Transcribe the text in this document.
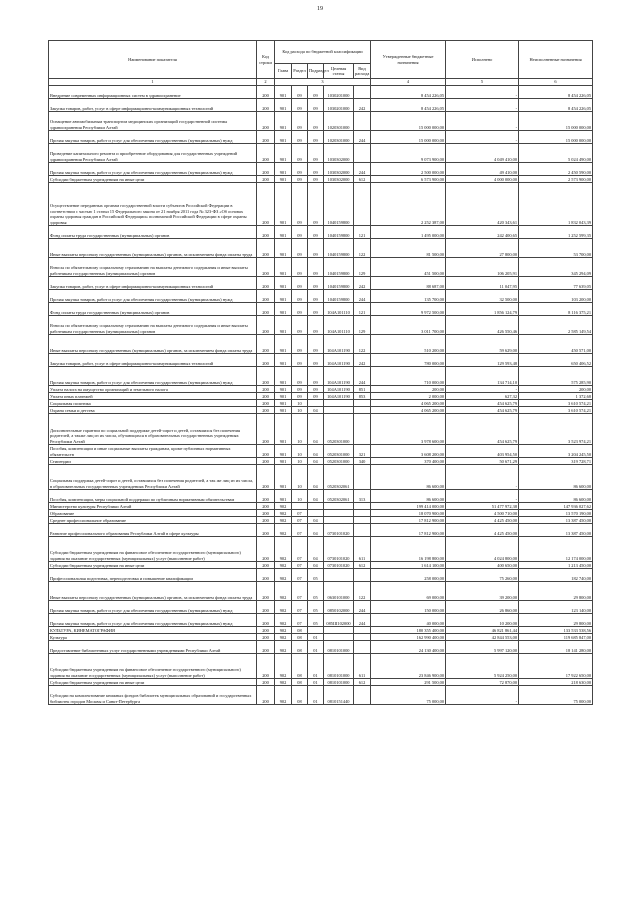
19
Наименование показателя	Код строки	Код расхода по бюджетной классификации					Утвержденные бюджетные назначения	Исполнено	Неисполненные назначения
		Глава	Раздел	Подраздел	Целевая статья	Вид расхода			
1	2	3					4	5	6
Внедрение современных информационных систем в здравоохранение	200	901	09	09	1030201000		8 454 226,05	-	8 454 226,05
Закупка товаров, работ, услуг в сфере информационно-коммуникационных технологий	200	901	09	09	1030201000	242	8 454 226,05	-	8 454 226,05
Оснащение автомобильным транспортом медицинских организаций государственной системы здравоохранения Республики Алтай	200	901	09	09	1020301000		15 000 000,00	-	15 000 000,00
Прочая закупка товаров, работ и услуг для обеспечения государственных (муниципальных) нужд	200	901	09	09	1020301000	244	15 000 000,00	-	15 000 000,00
Проведение капитального ремонта и приобретение оборудования для государственных учреждений здравоохранения Республики Алтай	200	901	09	09	1030302000		9 073 900,00	4 049 410,00	5 024 490,00
Прочая закупка товаров, работ и услуг для обеспечения государственных (муниципальных) нужд	200	901	09	09	1030302000	244	2 500 000,00	49 410,00	2 450 590,00
Субсидии бюджетным учреждениям на иные цели	200	901	09	09	1030302000	612	6 573 900,00	4 000 000,00	2 573 900,00
Осуществление переданных органам государственной власти субъектов Российской Федерации в соответствии с частью 1 статьи 15 Федерального закона от 21 ноября 2011 года № 323-ФЗ «Об основах охраны здоровья граждан в Российской Федерации» полномочий Российской Федерации в сфере охраны здоровья	200	901	09	09	1040159800		2 252 387,00	420 343,61	1 832 043,39
Фонд оплаты труда государственных (муниципальных) органов	200	901	09	09	1040159800	121	1 495 000,00	242 400,65	1 252 599,35
Иные выплаты персоналу государственных (муниципальных) органов, за исключением фонда оплаты труда	200	901	09	09	1040159800	122	81 500,00	27 800,00	53 700,00
Взносы по обязательному социальному страхованию на выплаты денежного содержания и иные выплаты работникам государственных (муниципальных) органов	200	901	09	09	1040159800	129	451 500,00	106 205,91	345 294,09
Закупка товаров, работ, услуг в сфере информационно-коммуникационных технологий	200	901	09	09	1040159800	242	88 687,00	11 047,95	77 639,05
Прочая закупка товаров, работ и услуг для обеспечения государственных (муниципальных) нужд	200	901	09	09	1040159800	244	135 700,00	32 500,00	103 200,00
Фонд оплаты труда государственных (муниципальных) органов	200	901	09	09	104А101110	121	9 972 500,00	1 856 124,79	8 116 375,21
Взносы по обязательному социальному страхованию на выплаты денежного содержания и иные выплаты работникам государственных (муниципальных) органов	200	901	09	09	104А101110	129	3 011 700,00	426 550,46	2 585 149,54
Иные выплаты персоналу государственных (муниципальных) органов, за исключением фонда оплаты труда	200	901	09	09	104А101190	122	510 200,00	59 629,00	450 571,00
Закупка товаров, работ, услуг в сфере информационно-коммуникационных технологий	200	901	09	09	104А101190	242	780 000,00	129 593,48	650 406,52
Прочая закупка товаров, работ и услуг для обеспечения государственных (муниципальных) нужд	200	901	09	09	104А101190	244	710 000,00	134 714,10	575 285,90
Уплата налога на имущество организаций и земельного налога	200	901	09	09	104А101190	851	200,00	-	200,00
Уплата иных платежей	200	901	09	09	104А101190	853	2 000,00	627,32	1 372,68
Социальная политика	200	901	10				4 065 200,00	454 625,79	3 610 574,21
Охрана семьи и детства	200	901	10	04			4 065 200,00	454 625,79	3 610 574,21
Дополнительные гарантии по социальной поддержке детей-сирот и детей, оставшихся без попечения родителей, а также лиц из их числа, обучающихся в образовательных государственных учреждениях Республики Алтай	200	901	10	04	0520301000		3 978 600,00	454 625,79	3 523 974,21
Пособия, компенсации и иные социальные выплаты гражданам, кроме публичных нормативных обязательств	200	901	10	04	0520301000	321	3 608 200,00	403 954,50	3 204 245,50
Стипендии	200	901	10	04	0520301000	340	370 400,00	50 671,29	319 728,71
Социальная поддержка детей-сирот и детей, оставшихся без попечения родителей, а так же лиц из их числа, в образовательных государственных учреждениях Республики Алтай	200	901	10	04	0520302061		86 600,00	-	86 600,00
Пособия, компенсации, меры социальной поддержки по публичным нормативным обязательствам	200	901	10	04	0520302061	313	86 600,00	-	86 600,00
Министерство культуры Республики Алтай	200	902					199 414 000,00	51 477 972,38	147 936 027,62
Образование	200	902	07				18 070 900,00	4 500 710,00	13 570 190,00
Среднее профессиональное образование	200	902	07	04			17 812 900,00	4 425 450,00	13 387 450,00
Развитие профессионального образования Республики Алтай в сфере культуры	200	902	07	04	0730101020		17 812 900,00	4 425 450,00	13 387 450,00
Субсидии бюджетным учреждениям на финансовое обеспечение государственного (муниципального) задания на оказание государственных (муниципальных) услуг (выполнение работ)	200	902	07	04	0730101020	611	16 198 800,00	4 024 800,00	12 174 000,00
Субсидии бюджетным учреждениям на иные цели	200	902	07	04	0730101020	612	1 614 100,00	400 650,00	1 213 450,00
Профессиональная подготовка, переподготовка и повышение квалификации	200	902	07	05			258 000,00	75 260,00	182 740,00
Иные выплаты персоналу государственных (муниципальных) органов, за исключением фонда оплаты труда	200	902	07	05	0630101000	122	69 000,00	39 200,00	29 800,00
Прочая закупка товаров, работ и услуг для обеспечения государственных (муниципальных) нужд	200	902	07	05	0850102000	244	150 000,00	26 860,00	123 140,00
Прочая закупка товаров, работ и услуг для обеспечения государственных (муниципальных) нужд	200	902	07	05	085Ш102000	244	40 000,00	10 200,00	29 800,00
КУЛЬТУРА, КИНЕМАТОГРАФИЯ	200	902	08				180 355 400,00	46 821 861,44	133 533 538,56
Культура	200	902	08	01			162 990 400,00	42 844 553,00	119 685 847,00
Предоставление библиотечных услуг государственными учреждениями Республики Алтай	200	902	08	01	0810101000		24 130 400,00	5 997 120,00	18 141 280,00
Субсидии бюджетным учреждениям на финансовое обеспечение государственного (муниципального) задания на оказание государственных (муниципальных) услуг (выполнение работ)	200	902	08	01	0810101000	611	23 846 900,00	5 924 250,00	17 922 650,00
Субсидии бюджетным учреждениям на иные цели	200	902	08	01	0810101000	612	291 500,00	72 870,00	218 630,00
Субсидии на комплектование книжных фондов библиотек муниципальных образований и государственных библиотек городов Москвы и Санкт-Петербурга	200	902	08	01	0810151440		75 000,00	-	75 000,00
